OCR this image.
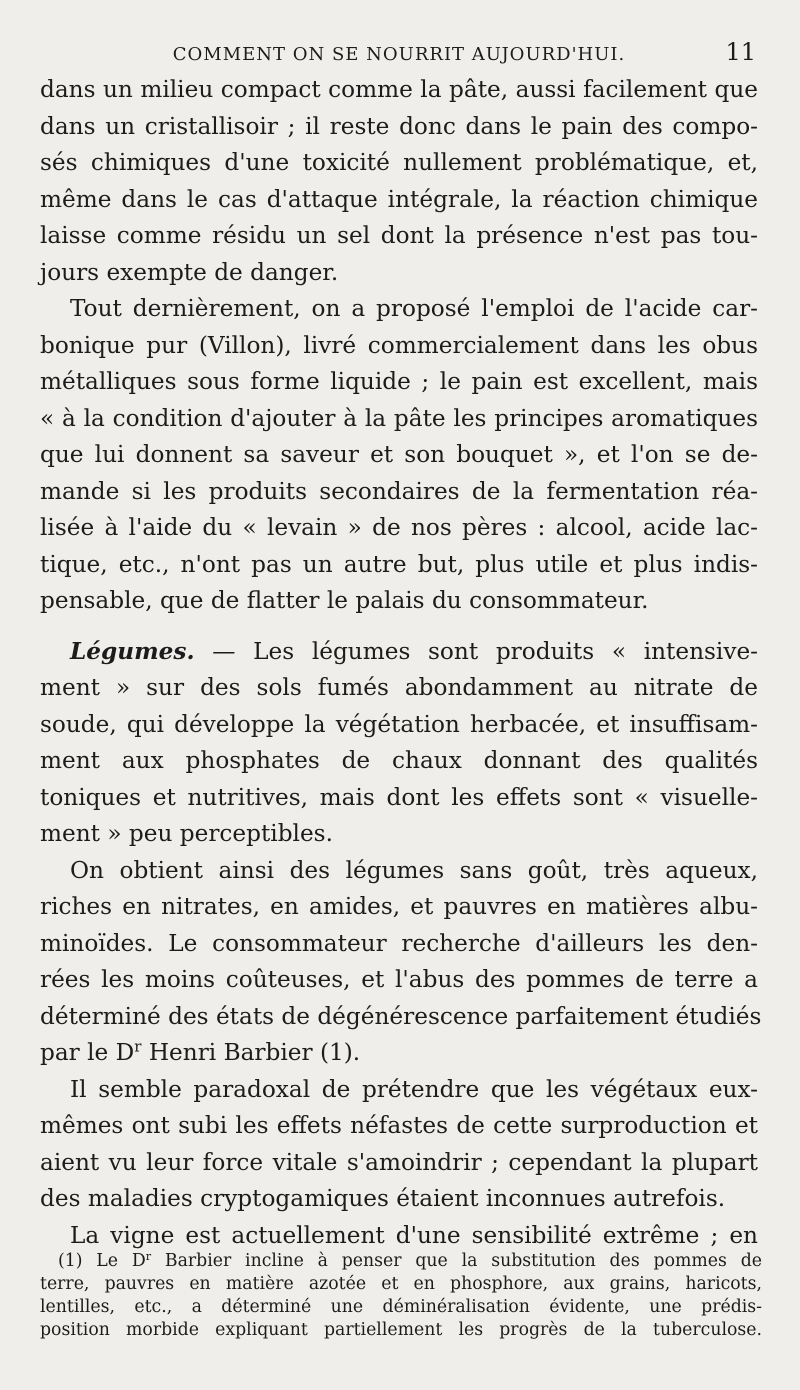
COMMENT ON SE NOURRIT AUJOURD'HUI.	11
dans un milieu compact comme la pâte, aussi facilement que
dans un cristallisoir ; il reste donc dans le pain des compo-
sés chimiques d'une toxicité nullement problématique, et,
même dans le cas d'attaque intégrale, la réaction chimique
laisse comme résidu un sel dont la présence n'est pas tou-
jours exempte de danger.
Tout dernièrement, on a proposé l'emploi de l'acide car-
bonique pur (Villon), livré commercialement dans les obus
métalliques sous forme liquide ; le pain est excellent, mais
« à la condition d'ajouter à la pâte les principes aromatiques
que lui donnent sa saveur et son bouquet », et l'on se de-
mande si les produits secondaires de la fermentation réa-
lisée à l'aide du « levain » de nos pères : alcool, acide lac-
tique, etc., n'ont pas un autre but, plus utile et plus indis-
pensable, que de flatter le palais du consommateur.
Légumes. — Les légumes sont produits « intensive-
ment » sur des sols fumés abondamment au nitrate de
soude, qui développe la végétation herbacée, et insuffisam-
ment aux phosphates de chaux donnant des qualités
toniques et nutritives, mais dont les effets sont « visuelle-
ment » peu perceptibles.
On obtient ainsi des légumes sans goût, très aqueux,
riches en nitrates, en amides, et pauvres en matières albu-
minoïdes. Le consommateur recherche d'ailleurs les den-
rées les moins coûteuses, et l'abus des pommes de terre a
déterminé des états de dégénérescence parfaitement étudiés
par le $D^r$ Henri Barbier (1).
Il semble paradoxal de prétendre que les végétaux eux-
mêmes ont subi les effets néfastes de cette surproduction et
aient vu leur force vitale s'amoindrir ; cependant la plupart
des maladies cryptogamiques étaient inconnues autrefois.
La vigne est actuellement d'une sensibilité extrême ; en
(1) Le $D^r$ Barbier incline à penser que la substitution des pommes de
terre, pauvres en matière azotée et en phosphore, aux grains, haricots,
lentilles, etc., a déterminé une déminéralisation évidente, une prédis-
position morbide expliquant partiellement les progrès de la tuberculose.
